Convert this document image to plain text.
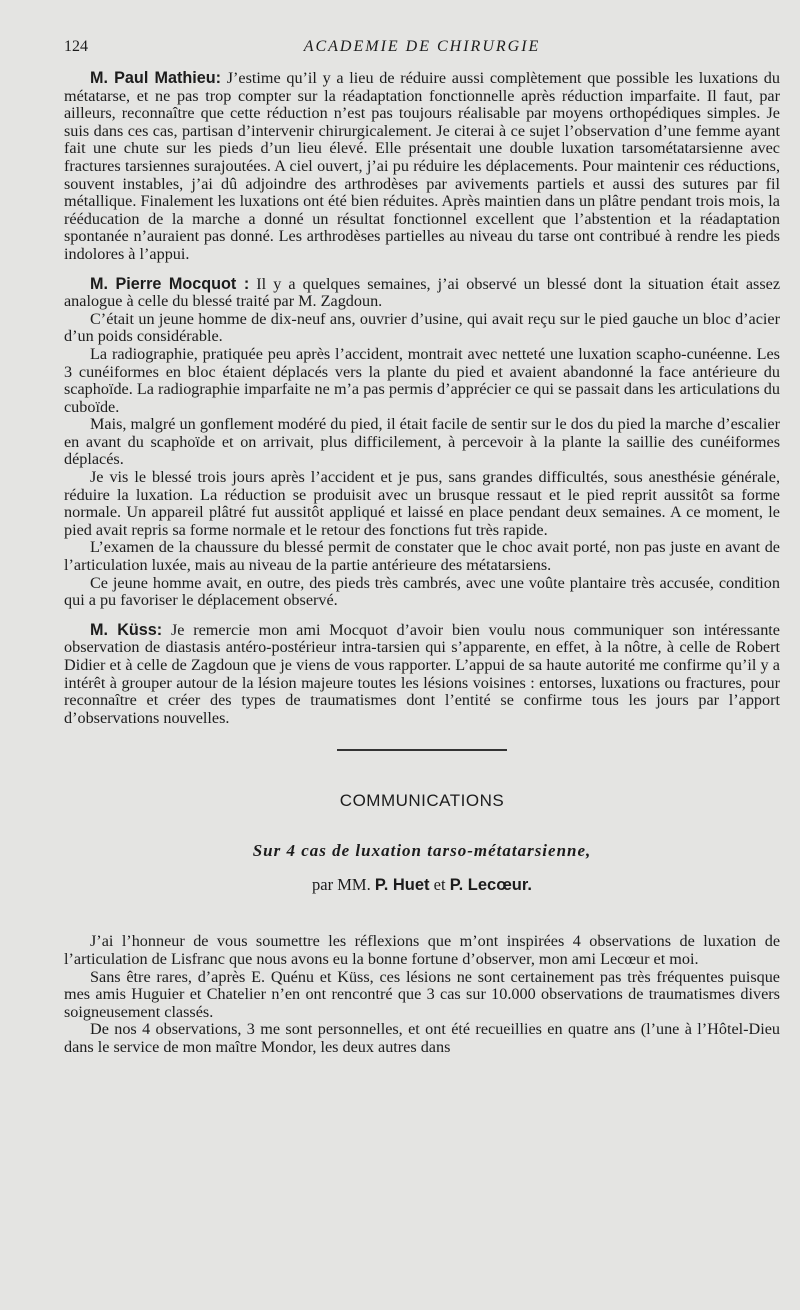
124	ACADEMIE DE CHIRURGIE

M. Paul Mathieu: J’estime qu’il y a lieu de réduire aussi complètement que possible les luxations du métatarse, et ne pas trop compter sur la réadaptation fonctionnelle après réduction imparfaite. Il faut, par ailleurs, reconnaître que cette réduction n’est pas toujours réalisable par moyens orthopédiques simples. Je suis dans ces cas, partisan d’intervenir chirurgicalement. Je citerai à ce sujet l’observation d’une femme ayant fait une chute sur les pieds d’un lieu élevé. Elle présentait une double luxation tarsométatarsienne avec fractures tarsiennes surajoutées. A ciel ouvert, j’ai pu réduire les déplacements. Pour maintenir ces réductions, souvent instables, j’ai dû adjoindre des arthrodèses par avivements partiels et aussi des sutures par fil métallique. Finalement les luxations ont été bien réduites. Après maintien dans un plâtre pendant trois mois, la rééducation de la marche a donné un résultat fonctionnel excellent que l’abstention et la réadaptation spontanée n’auraient pas donné. Les arthrodèses partielles au niveau du tarse ont contribué à rendre les pieds indolores à l’appui.

M. Pierre Mocquot : Il y a quelques semaines, j’ai observé un blessé dont la situation était assez analogue à celle du blessé traité par M. Zagdoun.

C’était un jeune homme de dix-neuf ans, ouvrier d’usine, qui avait reçu sur le pied gauche un bloc d’acier d’un poids considérable.

La radiographie, pratiquée peu après l’accident, montrait avec netteté une luxation scapho-cunéenne. Les 3 cunéiformes en bloc étaient déplacés vers la plante du pied et avaient abandonné la face antérieure du scaphoïde. La radiographie imparfaite ne m’a pas permis d’apprécier ce qui se passait dans les articulations du cuboïde.

Mais, malgré un gonflement modéré du pied, il était facile de sentir sur le dos du pied la marche d’escalier en avant du scaphoïde et on arrivait, plus difficilement, à percevoir à la plante la saillie des cunéiformes déplacés.

Je vis le blessé trois jours après l’accident et je pus, sans grandes difficultés, sous anesthésie générale, réduire la luxation. La réduction se produisit avec un brusque ressaut et le pied reprit aussitôt sa forme normale. Un appareil plâtré fut aussitôt appliqué et laissé en place pendant deux semaines. A ce moment, le pied avait repris sa forme normale et le retour des fonctions fut très rapide.

L’examen de la chaussure du blessé permit de constater que le choc avait porté, non pas juste en avant de l’articulation luxée, mais au niveau de la partie antérieure des métatarsiens.

Ce jeune homme avait, en outre, des pieds très cambrés, avec une voûte plantaire très accusée, condition qui a pu favoriser le déplacement observé.

M. Küss: Je remercie mon ami Mocquot d’avoir bien voulu nous communiquer son intéressante observation de diastasis antéro-postérieur intra-tarsien qui s’apparente, en effet, à la nôtre, à celle de Robert Didier et à celle de Zagdoun que je viens de vous rapporter. L’appui de sa haute autorité me confirme qu’il y a intérêt à grouper autour de la lésion majeure toutes les lésions voisines : entorses, luxations ou fractures, pour reconnaître et créer des types de traumatismes dont l’entité se confirme tous les jours par l’apport d’observations nouvelles.

COMMUNICATIONS
Sur 4 cas de luxation tarso-métatarsienne,
par MM. P. Huet et P. Lecœur.

J’ai l’honneur de vous soumettre les réflexions que m’ont inspirées 4 observations de luxation de l’articulation de Lisfranc que nous avons eu la bonne fortune d’observer, mon ami Lecœur et moi.

Sans être rares, d’après E. Quénu et Küss, ces lésions ne sont certainement pas très fréquentes puisque mes amis Huguier et Chatelier n’en ont rencontré que 3 cas sur 10.000 observations de traumatismes divers soigneusement classés.

De nos 4 observations, 3 me sont personnelles, et ont été recueillies en quatre ans (l’une à l’Hôtel-Dieu dans le service de mon maître Mondor, les deux autres dans
